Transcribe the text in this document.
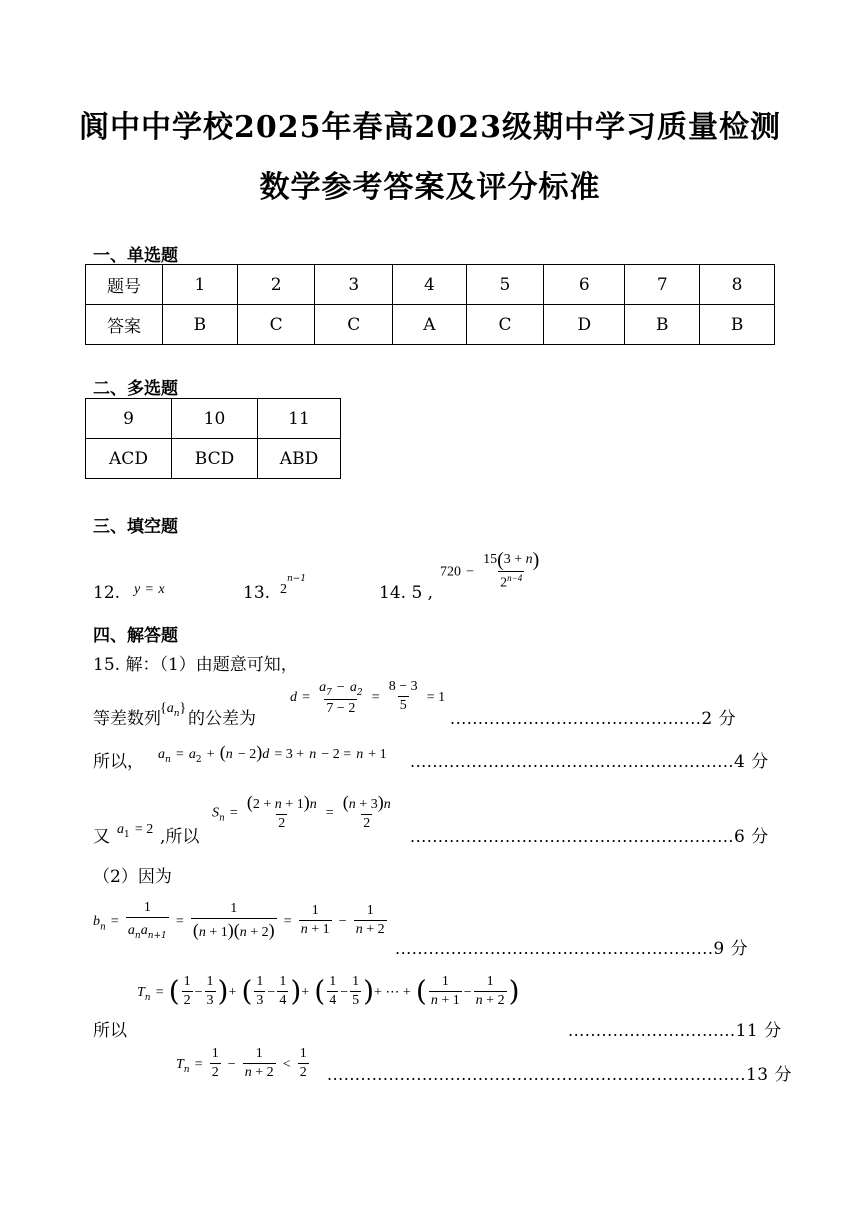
阆中中学校2025年春高2023级期中学习质量检测
数学参考答案及评分标准
一、单选题
题号	1	2	3	4	5	6	7	8
答案	B	C	C	A	C	D	B	B
二、多选题
9	10	11
ACD	BCD	ABD
三、填空题
12. y = x	13. $2^{n-1}$
14. 5 ,
$720 - \frac{15(3 + n)}{2^{n-4}}$
四、解答题
15. 解：（1）由题意可知，
等差数列
$\{a_n\}$
的公差为
$d = \frac{a_7 - a_2}{7 - 2} = \frac{8 - 3}{5} = 1$
.............................................2 分
所以， $a_n = a_2 + (n - 2)d = 3 + n - 2 = n + 1$ ..........................................................4 分
又 $a_1 = 2$ ,所以
$S_n = \frac{(2 + n + 1)n}{2} = \frac{(n + 3)n}{2}$
..........................................................6 分
（2）因为
$b_n = \frac{1}{a_na_{n+1}} = \frac{1}{(n + 1)(n + 2)} = \frac{1}{n + 1} - \frac{1}{n + 2}$
.........................................................9 分
所以
$T_n$ = ( $\frac{1}{2} - \frac{1}{3}$ )+ ( $\frac{1}{3} - \frac{1}{4}$ )+ ( $\frac{1}{4} - \frac{1}{5}$ )+ ⋯ + ( $\frac{1}{n + 1} - \frac{1}{n + 2}$ )
..............................11 分
$T_n = \frac{1}{2} - \frac{1}{n + 2} < \frac{1}{2} ...........................................................................13$ 分
